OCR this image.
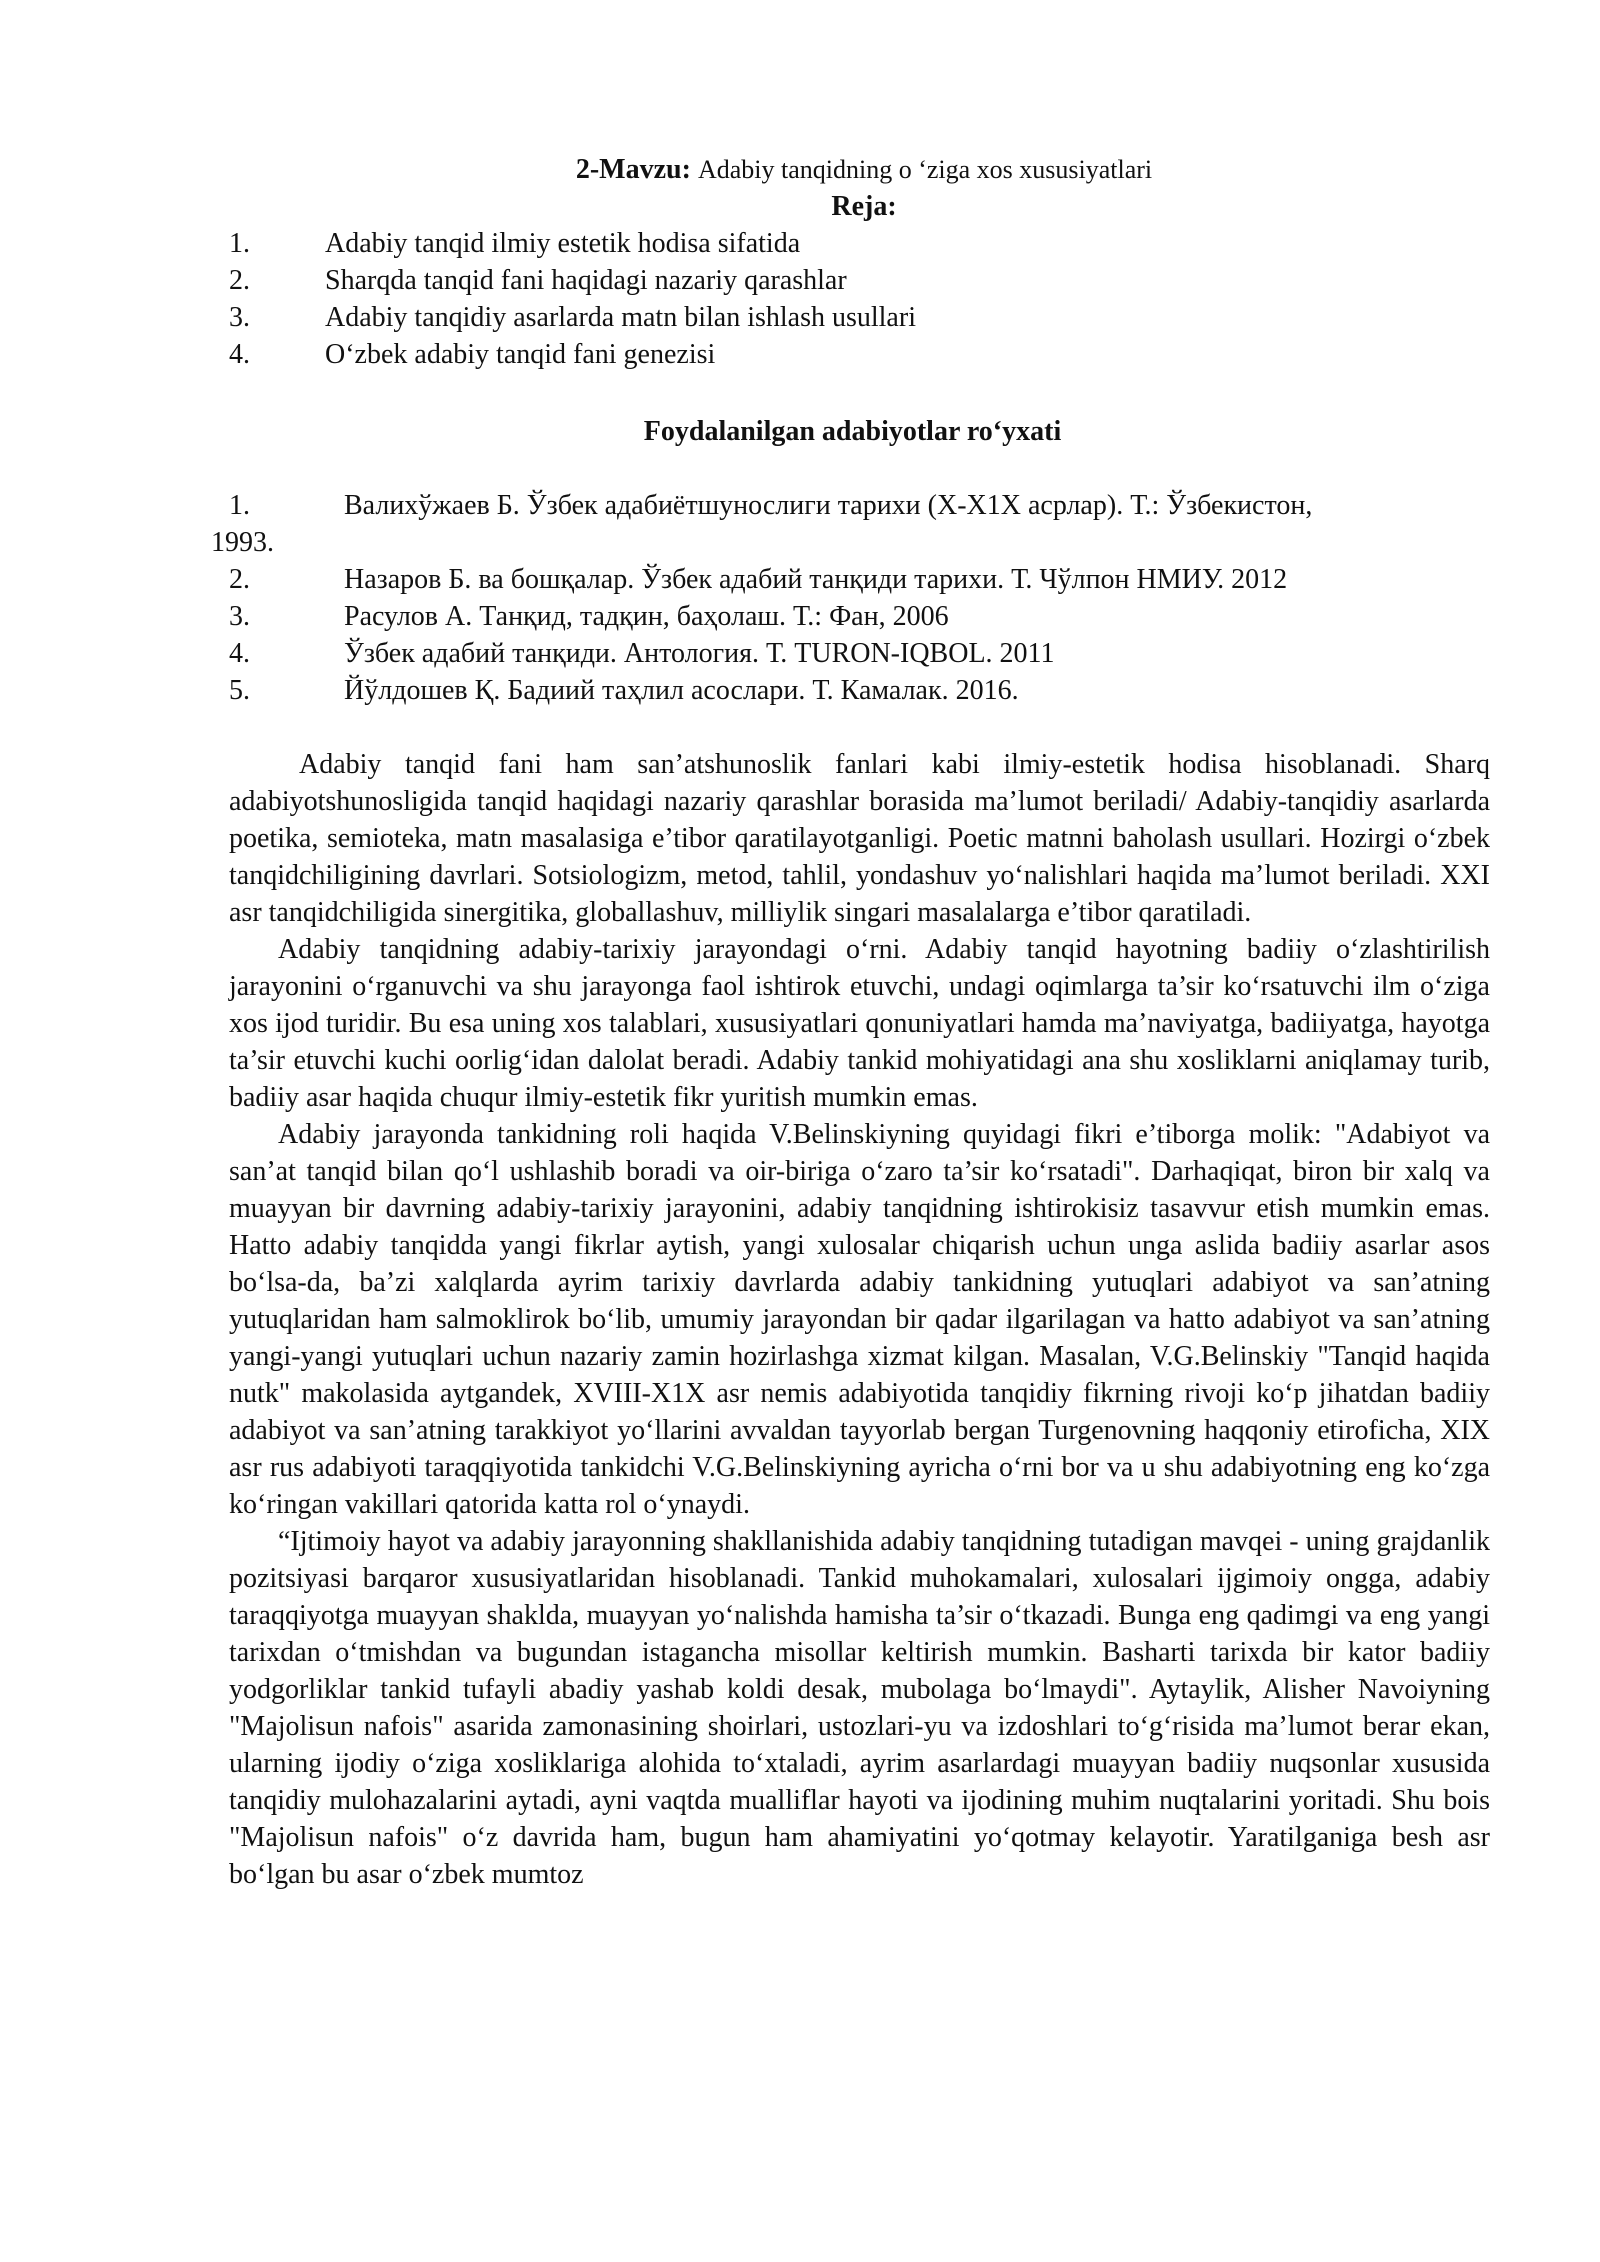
2-Mavzu: Adabiy tanqidning o ‘ziga xos xususiyatlari
Reja:
1.	Adabiy tanqid ilmiy estetik hodisa sifatida
2.	Sharqda tanqid fani haqidagi nazariy qarashlar
3.	Adabiy tanqidiy asarlarda matn bilan ishlash usullari
4.	O‘zbek adabiy tanqid fani genezisi
Foydalanilgan adabiyotlar ro‘yxati
1.	Валихўжаев Б. Ўзбек адабиётшунослиги тарихи (X-X1X асрлар). Т.: Ўзбекистон,
1993.
2.	Назаров Б. ва бошқалар. Ўзбек адабий танқиди тарихи. Т. Чўлпон НМИУ. 2012
3.	Расулов А. Танқид, тадқин, баҳолаш. Т.: Фан, 2006
4.	Ўзбек адабий танқиди. Антология. Т. TURON-IQBOL. 2011
5.	Йўлдошев Қ. Бадиий таҳлил асослари. Т. Камалак. 2016.

Adabiy tanqid fani ham san’atshunoslik fanlari kabi ilmiy-estetik hodisa hisoblanadi. Sharq adabiyotshunosligida tanqid haqidagi nazariy qarashlar borasida ma’lumot beriladi/ Adabiy-tanqidiy asarlarda poetika, semioteka, matn masalasiga e’tibor qaratilayotganligi. Poetic matnni baholash usullari. Hozirgi o‘zbek tanqidchiligining davrlari. Sotsiologizm, metod, tahlil, yondashuv yo‘nalishlari haqida ma’lumot beriladi. XXI asr tanqidchiligida sinergitika, globallashuv, milliylik singari masalalarga e’tibor qaratiladi.

Adabiy tanqidning adabiy-tarixiy jarayondagi o‘rni. Adabiy tanqid hayotning badiiy o‘zlashtirilish jarayonini o‘rganuvchi va shu jarayonga faol ishtirok etuvchi, undagi oqimlarga ta’sir ko‘rsatuvchi ilm o‘ziga xos ijod turidir. Bu esa uning xos talablari, xususiyatlari qonuniyatlari hamda ma’naviyatga, badiiyatga, hayotga ta’sir etuvchi kuchi oorlig‘idan dalolat beradi. Adabiy tankid mohiyatidagi ana shu xosliklarni aniqlamay turib, badiiy asar haqida chuqur ilmiy-estetik fikr yuritish mumkin emas.

Adabiy jarayonda tankidning roli haqida V.Belinskiyning quyidagi fikri e’tiborga molik: "Adabiyot va san’at tanqid bilan qo‘l ushlashib boradi va oir-biriga o‘zaro ta’sir ko‘rsatadi". Darhaqiqat, biron bir xalq va muayyan bir davrning adabiy-tarixiy jarayonini, adabiy tanqidning ishtirokisiz tasavvur etish mumkin emas. Hatto adabiy tanqidda yangi fikrlar aytish, yangi xulosalar chiqarish uchun unga aslida badiiy asarlar asos bo‘lsa-da, ba’zi xalqlarda ayrim tarixiy davrlarda adabiy tankidning yutuqlari adabiyot va san’atning yutuqlaridan ham salmoklirok bo‘lib, umumiy jarayondan bir qadar ilgarilagan va hatto adabiyot va san’atning yangi-yangi yutuqlari uchun nazariy zamin hozirlashga xizmat kilgan. Masalan, V.G.Belinskiy "Tanqid haqida nutk" makolasida aytgandek, XVIII-X1X asr nemis adabiyotida tanqidiy fikrning rivoji ko‘p jihatdan badiiy adabiyot va san’atning tarakkiyot yo‘llarini avvaldan tayyorlab bergan Turgenovning haqqoniy etiroficha, XIX asr rus adabiyoti taraqqiyotida tankidchi V.G.Belinskiyning ayricha o‘rni bor va u shu adabiyotning eng ko‘zga ko‘ringan vakillari qatorida katta rol o‘ynaydi.

“Ijtimoiy hayot va adabiy jarayonning shakllanishida adabiy tanqidning tutadigan mavqei - uning grajdanlik pozitsiyasi barqaror xususiyatlaridan hisoblanadi. Tankid muhokamalari, xulosalari ijgimoiy ongga, adabiy taraqqiyotga muayyan shaklda, muayyan yo‘nalishda hamisha ta’sir o‘tkazadi. Bunga eng qadimgi va eng yangi tarixdan o‘tmishdan va bugundan istagancha misollar keltirish mumkin. Basharti tarixda bir kator badiiy yodgorliklar tankid tufayli abadiy yashab koldi desak, mubolaga bo‘lmaydi". Aytaylik, Alisher Navoiyning "Majolisun nafois" asarida zamonasining shoirlari, ustozlari-yu va izdoshlari to‘g‘risida ma’lumot berar ekan, ularning ijodiy o‘ziga xosliklariga alohida to‘xtaladi, ayrim asarlardagi muayyan badiiy nuqsonlar xususida tanqidiy mulohazalarini aytadi, ayni vaqtda mualliflar hayoti va ijodining muhim nuqtalarini yoritadi. Shu bois "Majolisun nafois" o‘z davrida ham, bugun ham ahamiyatini yo‘qotmay kelayotir. Yaratilganiga besh asr bo‘lgan bu asar o‘zbek mumtoz
